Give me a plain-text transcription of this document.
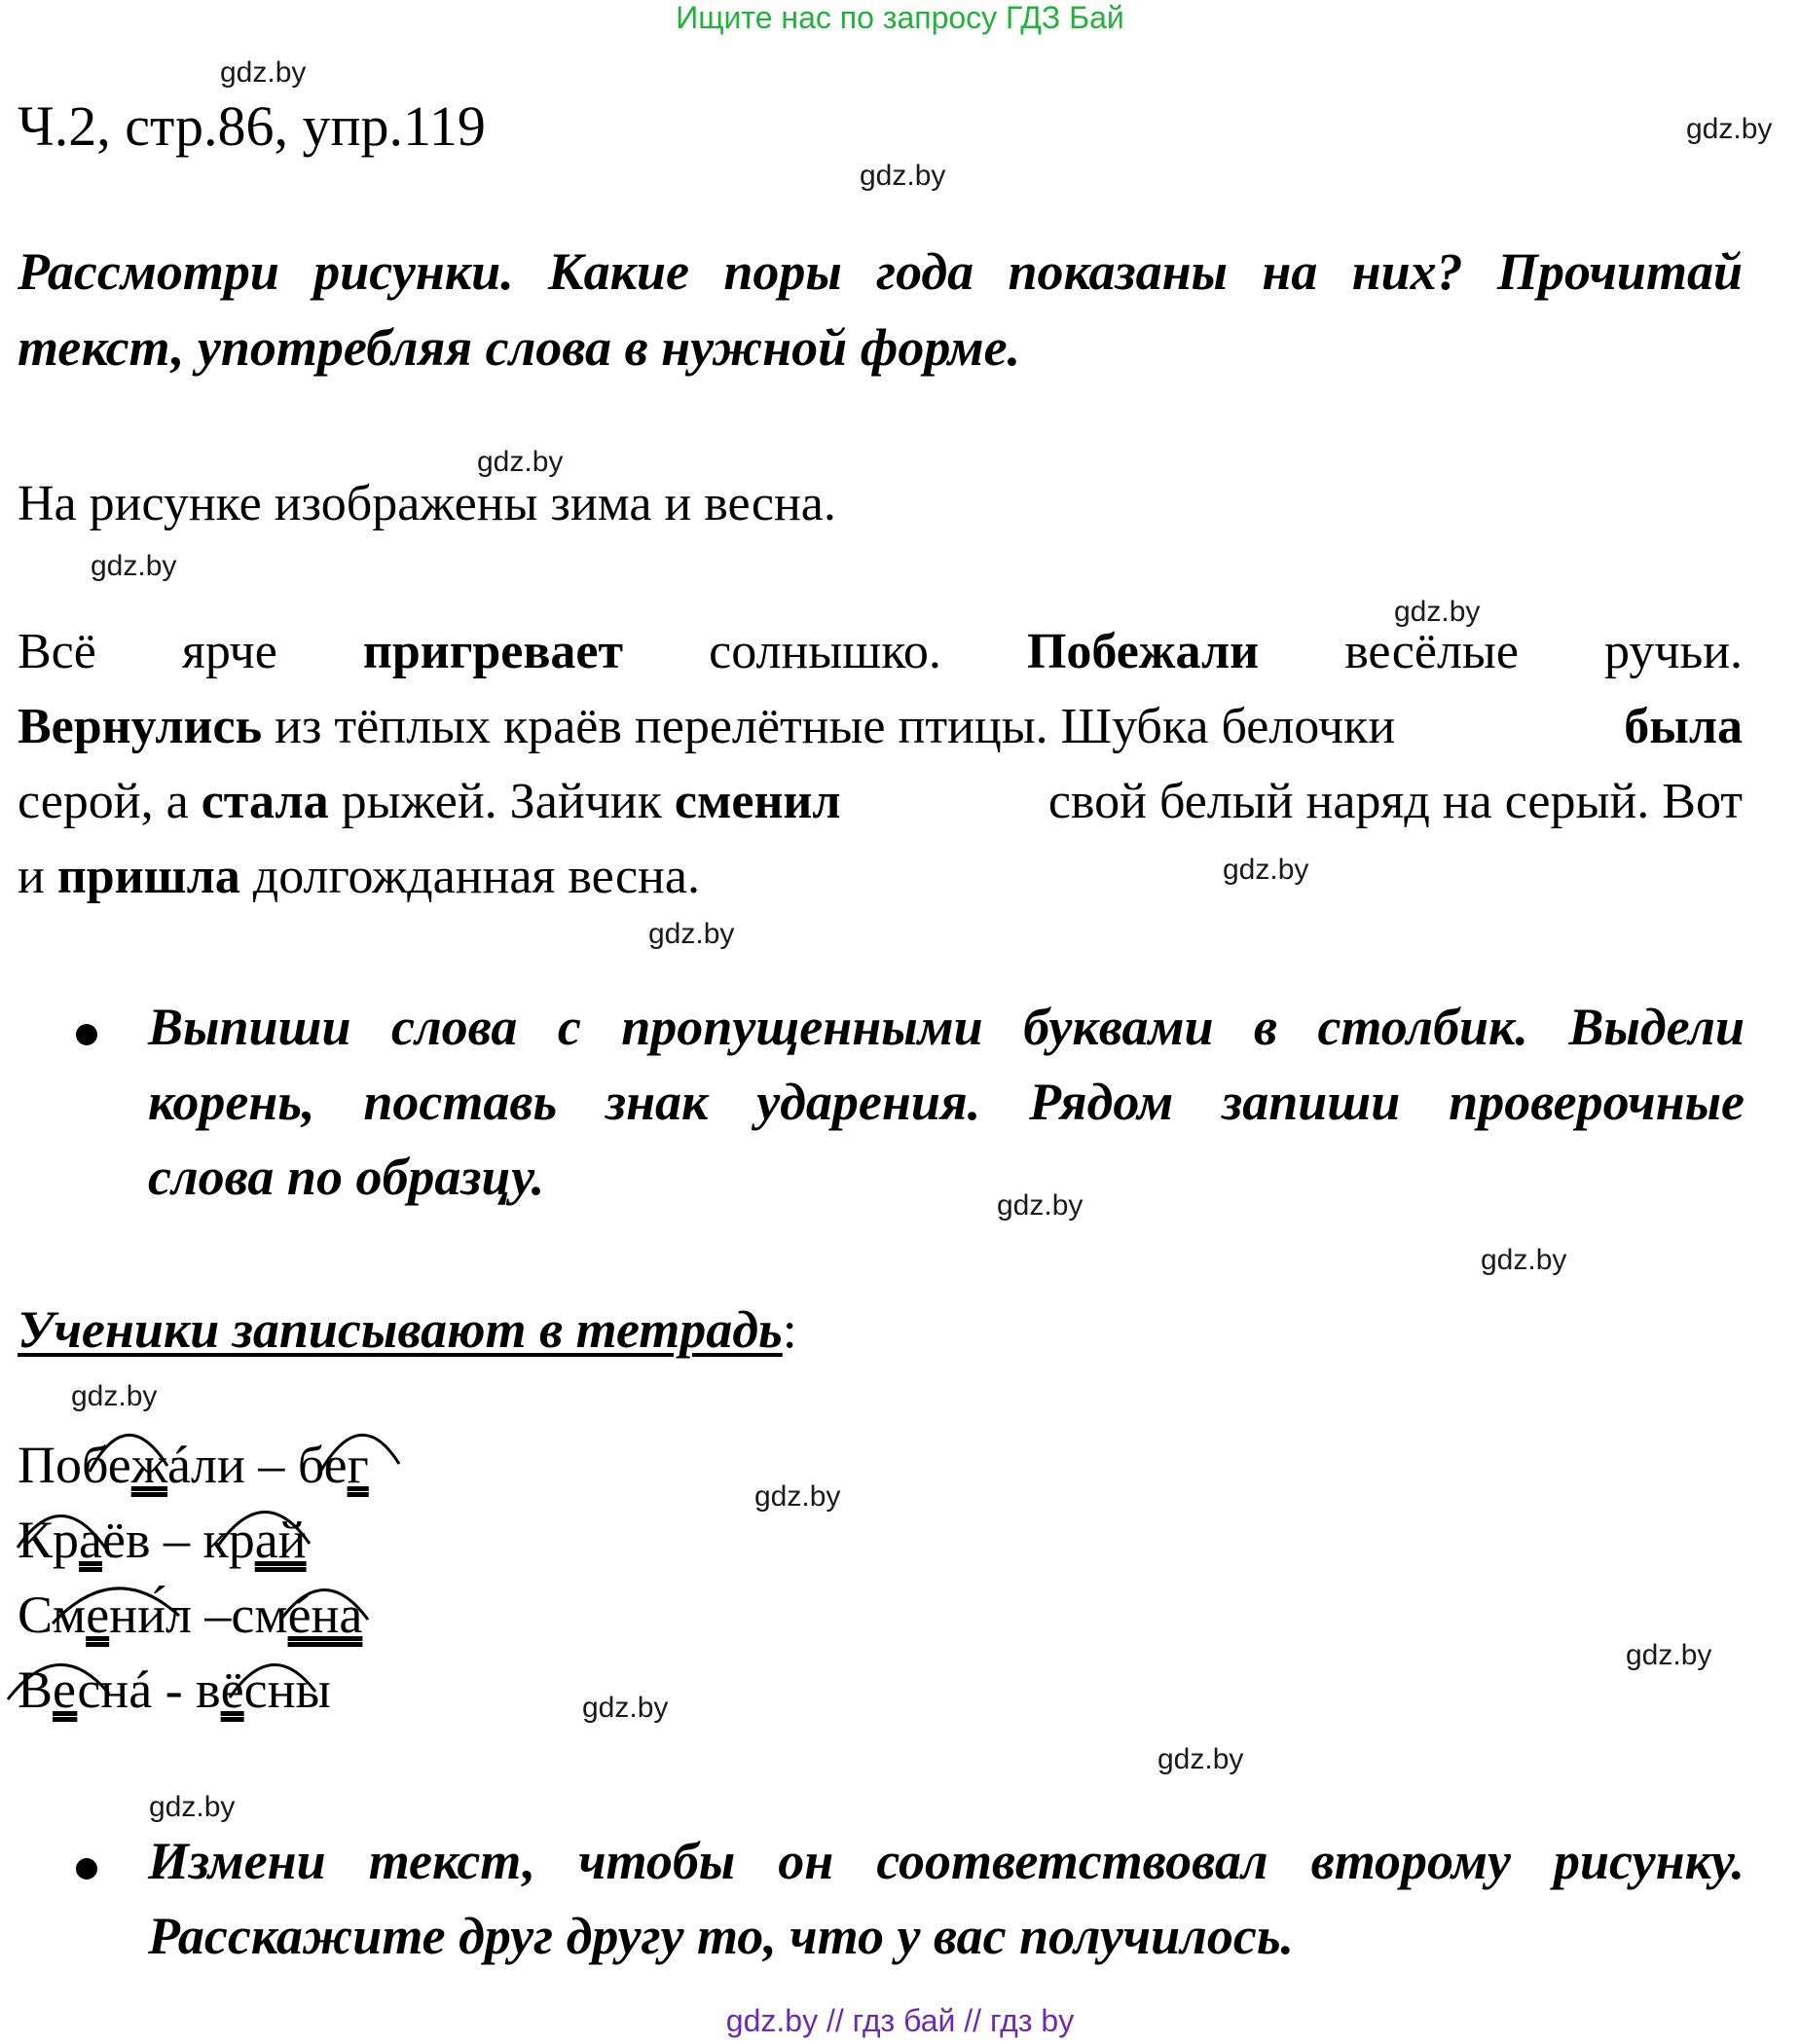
Ищите нас по запросу ГДЗ Бай
gdz.by
gdz.by
gdz.by
gdz.by
gdz.by
gdz.by
gdz.by
gdz.by
gdz.by
gdz.by
gdz.by
gdz.by
gdz.by
gdz.by
gdz.by
gdz.by
Ч.2, стр.86, упр.119
Рассмотри рисунки. Какие поры года показаны на них? Прочитай
текст, употребляя слова в нужной форме.
На рисунке изображены зима и весна.
Всё ярче пригревает солнышко. Побежали весёлые ручьи.
Вернулись из тёплых краёв перелётные птицы. Шубка белочки	была
серой, а стала рыжей. Зайчик сменил	свой белый наряд на серый. Вот
и пришла долгожданная весна.
Выпиши слова с пропущенными буквами в столбик. Выдели
корень, поставь знак ударения. Рядом запиши проверочные
слова по образцу.
Ученики записывают в тетрадь:
Побежáли – бег
Краёв – край
Смени́л –смéна
Веснá - вёсны
Измени текст, чтобы он соответствовал второму рисунку.
Расскажите друг другу то, что у вас получилось.
gdz.by // гдз бай // гдз by
